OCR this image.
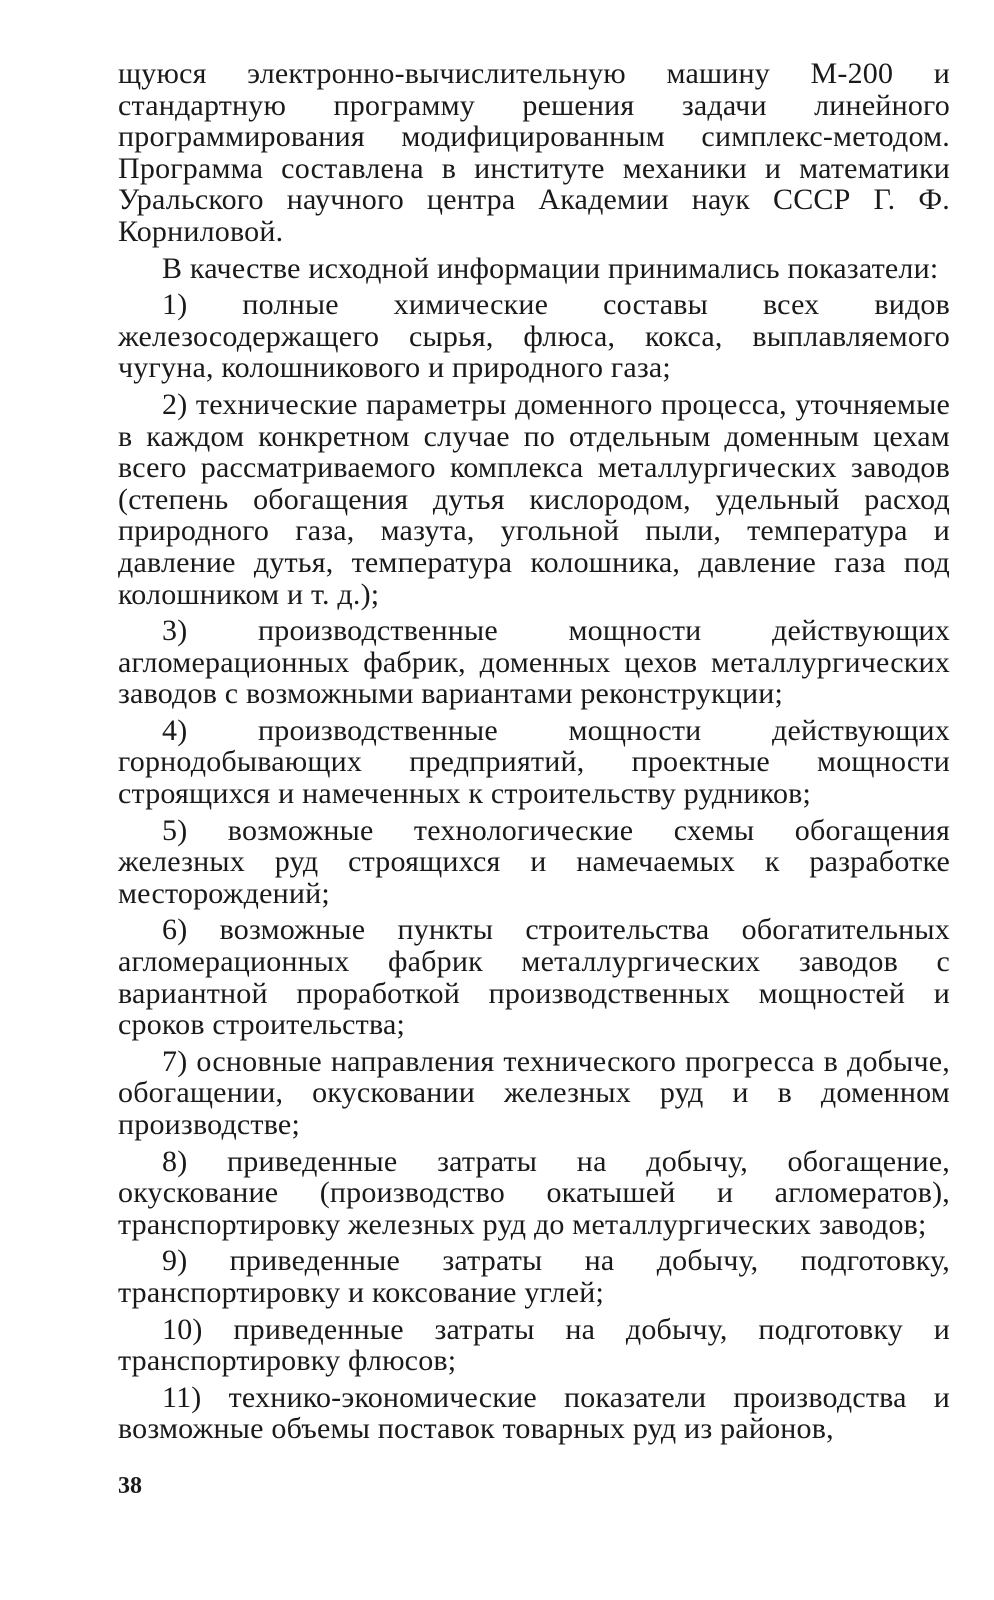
щуюся электронно-вычислительную машину М-200 и стандартную программу решения задачи линейного программирования модифицированным симплекс-методом. Программа составлена в институте механики и математики Уральского научного центра Академии наук СССР Г. Ф. Корниловой.

В качестве исходной информации принимались показатели:

1) полные химические составы всех видов железосодержащего сырья, флюса, кокса, выплавляемого чугуна, колошникового и природного газа;

2) технические параметры доменного процесса, уточняемые в каждом конкретном случае по отдельным доменным цехам всего рассматриваемого комплекса металлургических заводов (степень обогащения дутья кислородом, удельный расход природного газа, мазута, угольной пыли, температура и давление дутья, температура колошника, давление газа под колошником и т. д.);

3) производственные мощности действующих агломерационных фабрик, доменных цехов металлургических заводов с возможными вариантами реконструкции;

4) производственные мощности действующих горнодобывающих предприятий, проектные мощности строящихся и намеченных к строительству рудников;

5) возможные технологические схемы обогащения железных руд строящихся и намечаемых к разработке месторождений;

6) возможные пункты строительства обогатительных агломерационных фабрик металлургических заводов с вариантной проработкой производственных мощностей и сроков строительства;

7) основные направления технического прогресса в добыче, обогащении, окусковании железных руд и в доменном производстве;

8) приведенные затраты на добычу, обогащение, окускование (производство окатышей и агломератов), транспортировку железных руд до металлургических заводов;

9) приведенные затраты на добычу, подготовку, транспортировку и коксование углей;

10) приведенные затраты на добычу, подготовку и транспортировку флюсов;

11) технико-экономические показатели производства и возможные объемы поставок товарных руд из районов,

38
